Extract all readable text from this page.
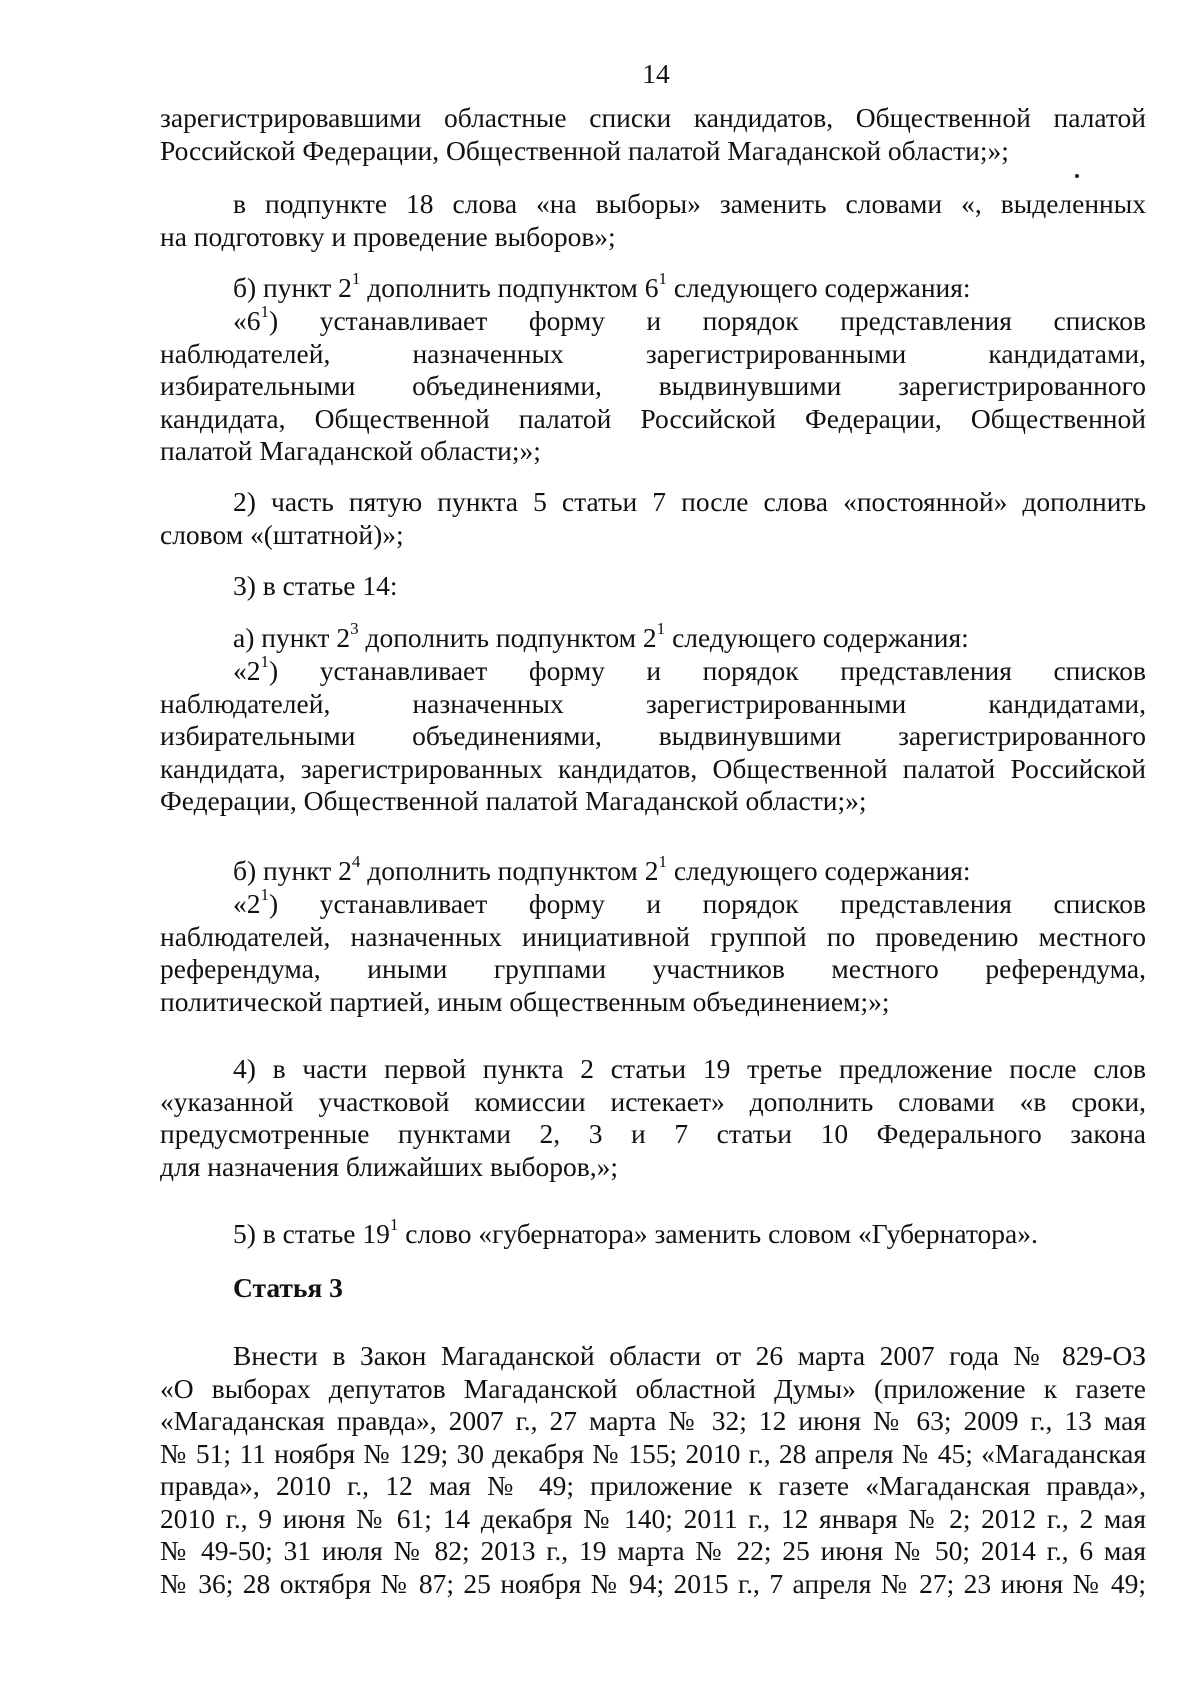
14
зарегистрировавшими областные списки кандидатов, Общественной палатой
Российской Федерации, Общественной палатой Магаданской области;»;
в подпункте 18 слова «на выборы» заменить словами «, выделенных
на подготовку и проведение выборов»;
б) пункт $2^1$ дополнить подпунктом $6^1$ следующего содержания:
«$6^1$) устанавливает форму и порядок представления списков
наблюдателей, назначенных зарегистрированными кандидатами,
избирательными объединениями, выдвинувшими зарегистрированного
кандидата, Общественной палатой Российской Федерации, Общественной
палатой Магаданской области;»;
2) часть пятую пункта 5 статьи 7 после слова «постоянной» дополнить
словом «(штатной)»;
3) в статье 14:
а) пункт $2^3$ дополнить подпунктом $2^1$ следующего содержания:
«$2^1$) устанавливает форму и порядок представления списков
наблюдателей, назначенных зарегистрированными кандидатами,
избирательными объединениями, выдвинувшими зарегистрированного
кандидата, зарегистрированных кандидатов, Общественной палатой Российской
Федерации, Общественной палатой Магаданской области;»;
б) пункт $2^4$ дополнить подпунктом $2^1$ следующего содержания:
«$2^1$) устанавливает форму и порядок представления списков
наблюдателей, назначенных инициативной группой по проведению местного
референдума, иными группами участников местного референдума,
политической партией, иным общественным объединением;»;
4) в части первой пункта 2 статьи 19 третье предложение после слов
«указанной участковой комиссии истекает» дополнить словами «в сроки,
предусмотренные пунктами 2, 3 и 7 статьи 10 Федерального закона
для назначения ближайших выборов,»;
5) в статье $19^1$ слово «губернатора» заменить словом «Губернатора».
Статья 3
Внести в Закон Магаданской области от 26 марта 2007 года № 829-ОЗ
«О выборах депутатов Магаданской областной Думы» (приложение к газете
«Магаданская правда», 2007 г., 27 марта № 32; 12 июня № 63; 2009 г., 13 мая
№ 51; 11 ноября № 129; 30 декабря № 155; 2010 г., 28 апреля № 45; «Магаданская
правда», 2010 г., 12 мая № 49; приложение к газете «Магаданская правда»,
2010 г., 9 июня № 61; 14 декабря № 140; 2011 г., 12 января № 2; 2012 г., 2 мая
№ 49-50; 31 июля № 82; 2013 г., 19 марта № 22; 25 июня № 50; 2014 г., 6 мая
№ 36; 28 октября № 87; 25 ноября № 94; 2015 г., 7 апреля № 27; 23 июня № 49;
